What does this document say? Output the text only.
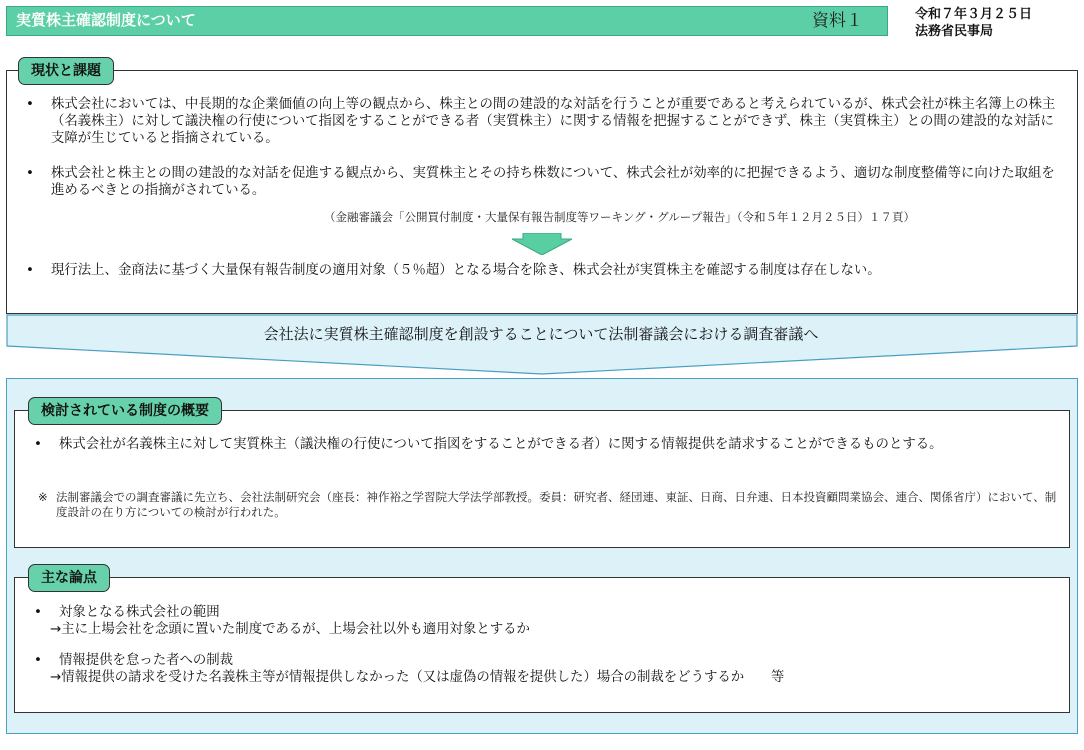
実質株主確認制度について	資料１	令和７年３月２５日
法務省民事局
現状と課題
• 株式会社においては、中長期的な企業価値の向上等の観点から、株主との間の建設的な対話を行うことが重要であると考えられているが、株式会社が株主名簿上の株主（名義株主）に対して議決権の行使について指図をすることができる者（実質株主）に関する情報を把握することができず、株主（実質株主）との間の建設的な対話に支障が生じていると指摘されている。
• 株式会社と株主との間の建設的な対話を促進する観点から、実質株主とその持ち株数について、株式会社が効率的に把握できるよう、適切な制度整備等に向けた取組を進めるべきとの指摘がされている。
（金融審議会「公開買付制度・大量保有報告制度等ワーキング・グループ報告」（令和５年１２月２５日）１７頁）
• 現行法上、金商法に基づく大量保有報告制度の適用対象（５％超）となる場合を除き、株式会社が実質株主を確認する制度は存在しない。
会社法に実質株主確認制度を創設することについて法制審議会における調査審議へ
検討されている制度の概要
• 株式会社が名義株主に対して実質株主（議決権の行使について指図をすることができる者）に関する情報提供を請求することができるものとする。
※ 法制審議会での調査審議に先立ち、会社法制研究会（座長：神作裕之学習院大学法学部教授。委員：研究者、経団連、東証、日商、日弁連、日本投資顧問業協会、連合、関係省庁）において、制度設計の在り方についての検討が行われた。
主な論点
• 対象となる株式会社の範囲
→主に上場会社を念頭に置いた制度であるが、上場会社以外も適用対象とするか
• 情報提供を怠った者への制裁
→情報提供の請求を受けた名義株主等が情報提供しなかった（又は虚偽の情報を提供した）場合の制裁をどうするか　　等
